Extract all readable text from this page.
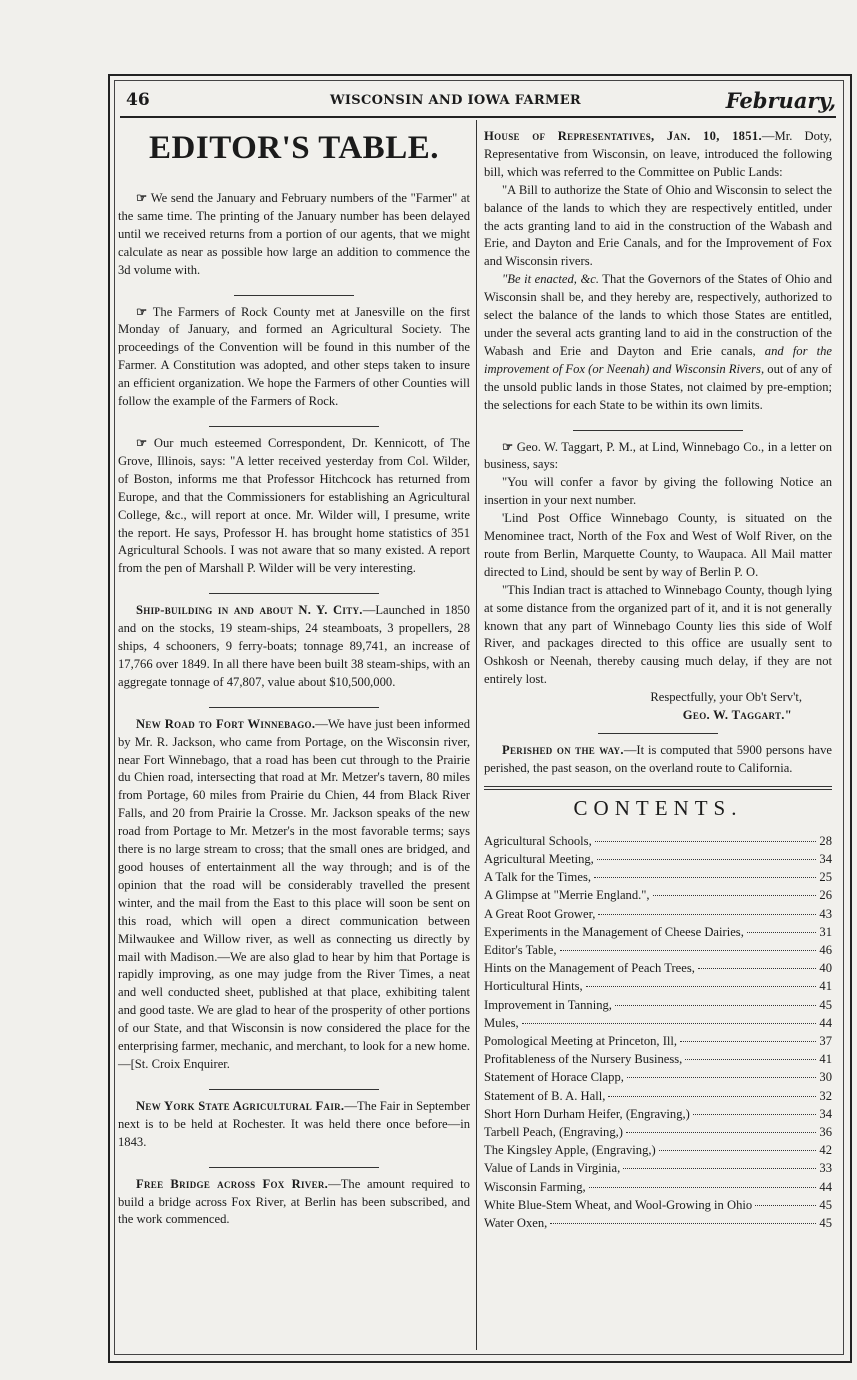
46	WISCONSIN AND IOWA FARMER	February,
EDITOR'S TABLE.

☞ We send the January and February numbers of the "Farmer" at the same time. The printing of the January number has been delayed until we received returns from a portion of our agents, that we might calculate as near as possible how large an addition to commence the 3d volume with.

☞ The Farmers of Rock County met at Janesville on the first Monday of January, and formed an Agricultural Society. The proceedings of the Convention will be found in this number of the Farmer. A Constitution was adopted, and other steps taken to insure an efficient organization. We hope the Farmers of other Counties will follow the example of the Farmers of Rock.

☞ Our much esteemed Correspondent, Dr. Kennicott, of The Grove, Illinois, says: "A letter received yesterday from Col. Wilder, of Boston, informs me that Professor Hitchcock has returned from Europe, and that the Commissioners for establishing an Agricultural College, &c., will report at once. Mr. Wilder will, I presume, write the report. He says, Professor H. has brought home statistics of 351 Agricultural Schools. I was not aware that so many existed. A report from the pen of Marshall P. Wilder will be very interesting.

Ship-building in and about N. Y. City.—Launched in 1850 and on the stocks, 19 steam-ships, 24 steamboats, 3 propellers, 28 ships, 4 schooners, 9 ferry-boats; tonnage 89,741, an increase of 17,766 over 1849. In all there have been built 38 steam-ships, with an aggregate tonnage of 47,807, value about $10,500,000.

New Road to Fort Winnebago.—We have just been informed by Mr. R. Jackson, who came from Portage, on the Wisconsin river, near Fort Winnebago, that a road has been cut through to the Prairie du Chien road, intersecting that road at Mr. Metzer's tavern, 80 miles from Portage, 60 miles from Prairie du Chien, 44 from Black River Falls, and 20 from Prairie la Crosse. Mr. Jackson speaks of the new road from Portage to Mr. Metzer's in the most favorable terms; says there is no large stream to cross; that the small ones are bridged, and good houses of entertainment all the way through; and is of the opinion that the road will be considerably travelled the present winter, and the mail from the East to this place will soon be sent on this road, which will open a direct communication between Milwaukee and Willow river, as well as connecting us directly by mail with Madison.—We are also glad to hear by him that Portage is rapidly improving, as one may judge from the River Times, a neat and well conducted sheet, published at that place, exhibiting talent and good taste. We are glad to hear of the prosperity of other portions of our State, and that Wisconsin is now considered the place for the enterprising farmer, mechanic, and merchant, to look for a new home.—[St. Croix Enquirer.

New York State Agricultural Fair.—The Fair in September next is to be held at Rochester. It was held there once before—in 1843.

Free Bridge across Fox River.—The amount required to build a bridge across Fox River, at Berlin has been subscribed, and the work commenced.

House of Representatives, Jan. 10, 1851.—Mr. Doty, Representative from Wisconsin, on leave, introduced the following bill, which was referred to the Committee on Public Lands:

"A Bill to authorize the State of Ohio and Wisconsin to select the balance of the lands to which they are respectively entitled, under the acts granting land to aid in the construction of the Wabash and Erie, and Dayton and Erie Canals, and for the Improvement of Fox and Wisconsin rivers.

"Be it enacted, &c. That the Governors of the States of Ohio and Wisconsin shall be, and they hereby are, respectively, authorized to select the balance of the lands to which those States are entitled, under the several acts granting land to aid in the construction of the Wabash and Erie and Dayton and Erie canals, and for the improvement of Fox (or Neenah) and Wisconsin Rivers, out of any of the unsold public lands in those States, not claimed by pre-emption; the selections for each State to be within its own limits.

☞ Geo. W. Taggart, P. M., at Lind, Winnebago Co., in a letter on business, says:

"You will confer a favor by giving the following Notice an insertion in your next number.

'Lind Post Office Winnebago County, is situated on the Menominee tract, North of the Fox and West of Wolf River, on the route from Berlin, Marquette County, to Waupaca. All Mail matter directed to Lind, should be sent by way of Berlin P. O.

"This Indian tract is attached to Winnebago County, though lying at some distance from the organized part of it, and it is not generally known that any part of Winnebago County lies this side of Wolf River, and packages directed to this office are usually sent to Oshkosh or Neenah, thereby causing much delay, if they are not entirely lost.

Respectfully, your Ob't Serv't,

Geo. W. Taggart."

Perished on the way.—It is computed that 5900 persons have perished, the past season, on the overland route to California.

CONTENTS.
Agricultural Schools,	28
Agricultural Meeting,	34
A Talk for the Times,	25
A Glimpse at "Merrie England.",	26
A Great Root Grower,	43
Experiments in the Management of Cheese Dairies,	31
Editor's Table,	46
Hints on the Management of Peach Trees,	40
Horticultural Hints,	41
Improvement in Tanning,	45
Mules,	44
Pomological Meeting at Princeton, Ill,	37
Profitableness of the Nursery Business,	41
Statement of Horace Clapp,	30
Statement of B. A. Hall,	32
Short Horn Durham Heifer, (Engraving,)	34
Tarbell Peach, (Engraving,)	36
The Kingsley Apple, (Engraving,)	42
Value of Lands in Virginia,	33
Wisconsin Farming,	44
White Blue-Stem Wheat, and Wool-Growing in Ohio	45
Water Oxen,	45
